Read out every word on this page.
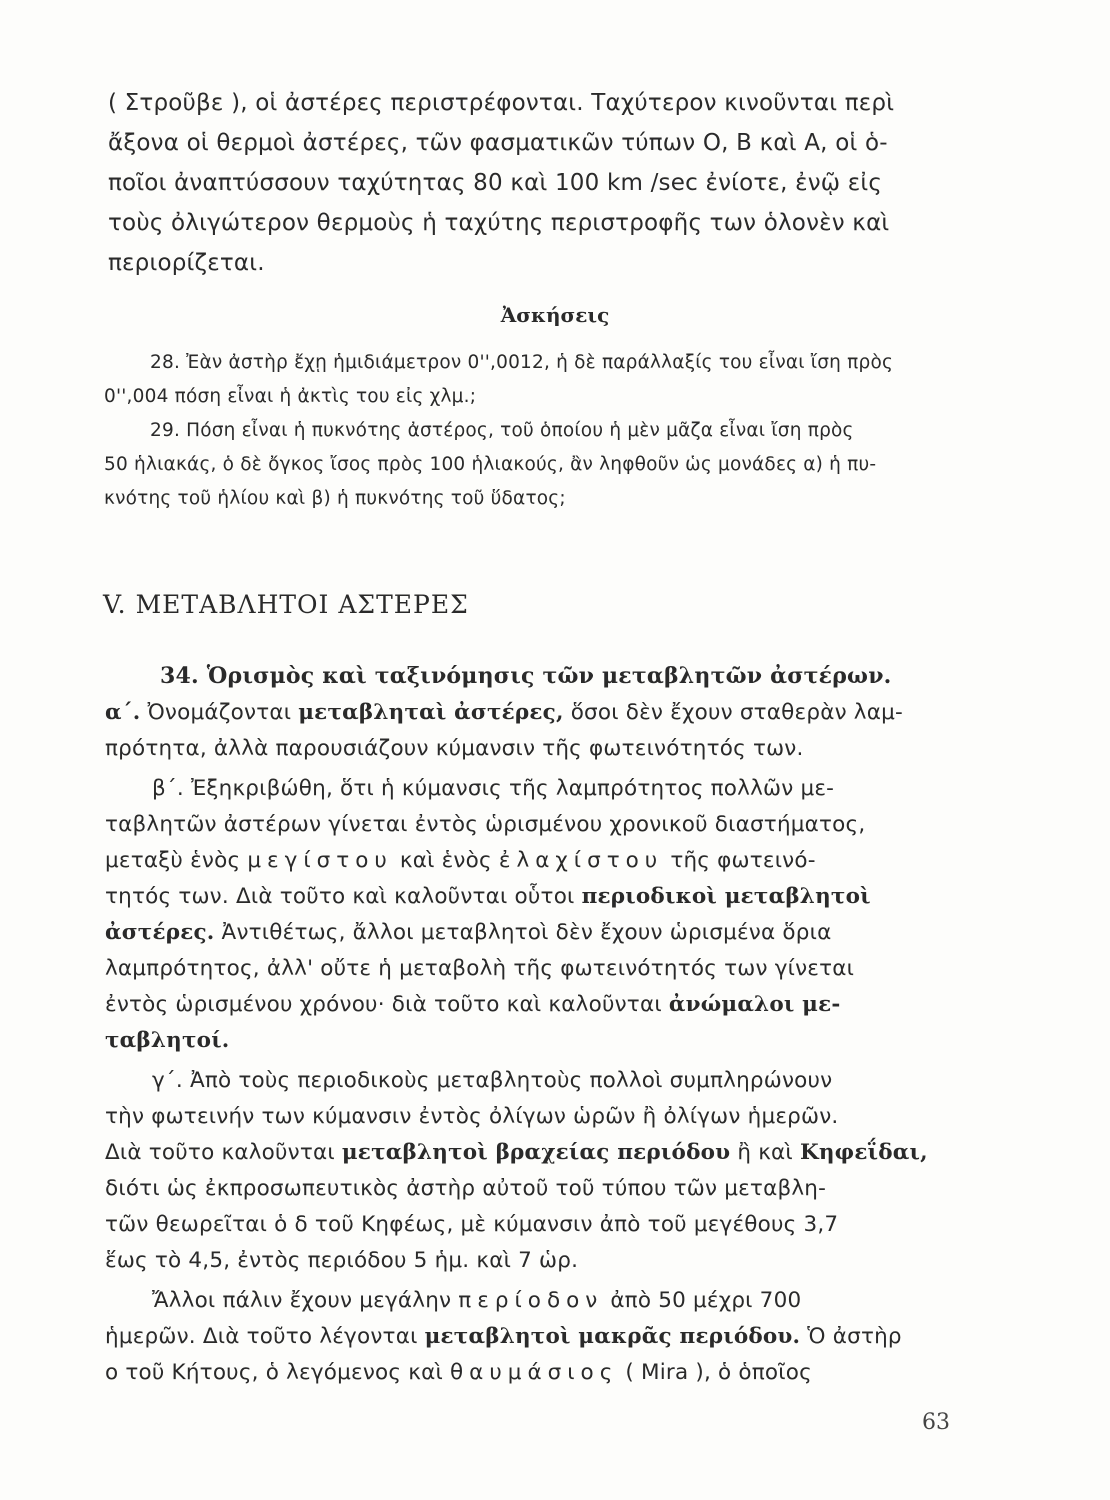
( Στροῦβε ), οἱ ἀστέρες περιστρέφονται. Ταχύτερον κινοῦνται περὶ
ἄξονα οἱ θερμοὶ ἀστέρες, τῶν φασματικῶν τύπων Ο, Β καὶ Α, οἱ ὁ-
ποῖοι ἀναπτύσσουν ταχύτητας 80 καὶ 100 km /sec ἐνίοτε, ἐνῷ εἰς
τοὺς ὀλιγώτερον θερμοὺς ἡ ταχύτης περιστροφῆς των ὁλονὲν καὶ
περιορίζεται.
Ἀσκήσεις
28. Ἐὰν ἀστὴρ ἔχῃ ἡμιδιάμετρον 0'',0012, ἡ δὲ παράλλαξίς του εἶναι ἴση πρὸς
0'',004 πόση εἶναι ἡ ἀκτὶς του εἰς χλμ.;
29. Πόση εἶναι ἡ πυκνότης ἀστέρος, τοῦ ὁποίου ἡ μὲν μᾶζα εἶναι ἴση πρὸς
50 ἡλιακάς, ὁ δὲ ὄγκος ἴσος πρὸς 100 ἡλιακούς, ἂν ληφθοῦν ὡς μονάδες α) ἡ πυ-
κνότης τοῦ ἡλίου καὶ β) ἡ πυκνότης τοῦ ὕδατος;
V. ΜΕΤΑΒΛΗΤΟΙ ΑΣΤΕΡΕΣ
34. Ὁρισμὸς καὶ ταξινόμησις τῶν μεταβλητῶν ἀστέρων.
α΄. Ὀνομάζονται μεταβληταὶ ἀστέρες, ὅσοι δὲν ἔχουν σταθερὰν λαμ-
πρότητα, ἀλλὰ παρουσιάζουν κύμανσιν τῆς φωτεινότητός των.
β΄. Ἐξηκριβώθη, ὅτι ἡ κύμανσις τῆς λαμπρότητος πολλῶν με-
ταβλητῶν ἀστέρων γίνεται ἐντὸς ὡρισμένου χρονικοῦ διαστήματος,
μεταξὺ ἑνὸς μεγίστου καὶ ἑνὸς ἐλαχίστου τῆς φωτεινό-
τητός των. Διὰ τοῦτο καὶ καλοῦνται οὗτοι περιοδικοὶ μεταβλητοὶ
ἀστέρες. Ἀντιθέτως, ἄλλοι μεταβλητοὶ δὲν ἔχουν ὡρισμένα ὅρια
λαμπρότητος, ἀλλ' οὔτε ἡ μεταβολὴ τῆς φωτεινότητός των γίνεται
ἐντὸς ὡρισμένου χρόνου· διὰ τοῦτο καὶ καλοῦνται ἀνώμαλοι με-
ταβλητοί.
γ΄. Ἀπὸ τοὺς περιοδικοὺς μεταβλητοὺς πολλοὶ συμπληρώνουν
τὴν φωτεινήν των κύμανσιν ἐντὸς ὀλίγων ὡρῶν ἢ ὀλίγων ἡμερῶν.
Διὰ τοῦτο καλοῦνται μεταβλητοὶ βραχείας περιόδου ἢ καὶ Κηφεΐδαι,
διότι ὡς ἐκπροσωπευτικὸς ἀστὴρ αὐτοῦ τοῦ τύπου τῶν μεταβλη-
τῶν θεωρεῖται ὁ δ τοῦ Κηφέως, μὲ κύμανσιν ἀπὸ τοῦ μεγέθους 3,7
ἕως τὸ 4,5, ἐντὸς περιόδου 5 ἡμ. καὶ 7 ὡρ.
Ἄλλοι πάλιν ἔχουν μεγάλην περίοδον ἀπὸ 50 μέχρι 700
ἡμερῶν. Διὰ τοῦτο λέγονται μεταβλητοὶ μακρᾶς περιόδου. Ὁ ἀστὴρ
ο τοῦ Κήτους, ὁ λεγόμενος καὶ θαυμάσιος ( Mira ), ὁ ὁποῖος
63
